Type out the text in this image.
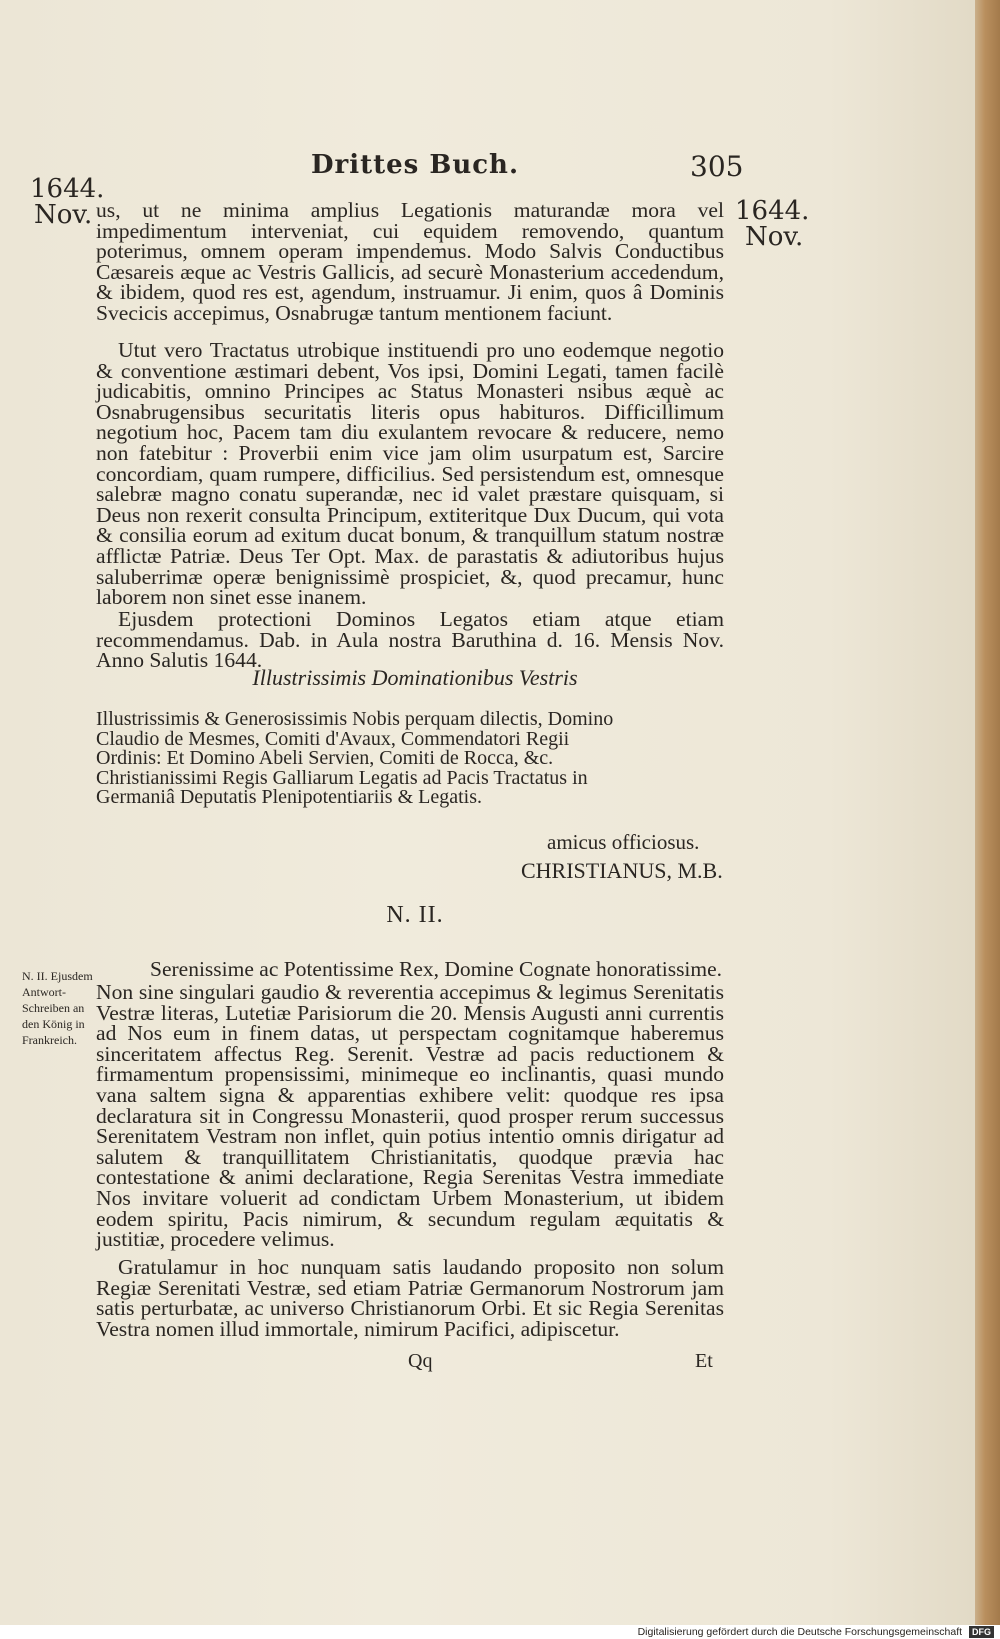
Drittes Buch.	305
1644.
Nov.	1644.
Nov.
us, ut ne minima amplius Legationis maturandæ mora vel impedimentum interveniat, cui equidem removendo, quantum poterimus, omnem operam impendemus. Modo Salvis Conductibus Cæsareis æque ac Vestris Gallicis, ad securè Monasterium accedendum, & ibidem, quod res est, agendum, instruamur. Ji enim, quos â Dominis Svecicis accepimus, Osnabrugæ tantum mentionem faciunt.
Utut vero Tractatus utrobique instituendi pro uno eodemque negotio & conventione æstimari debent, Vos ipsi, Domini Legati, tamen facilè judicabitis, omnino Principes ac Status Monasteri nsibus æquè ac Osnabrugensibus securitatis literis opus habituros. Difficillimum negotium hoc, Pacem tam diu exulantem revocare & reducere, nemo non fatebitur : Proverbii enim vice jam olim usurpatum est, Sarcire concordiam, quam rumpere, difficilius. Sed persistendum est, omnesque salebræ magno conatu superandæ, nec id valet præstare quisquam, si Deus non rexerit consulta Principum, extiteritque Dux Ducum, qui vota & consilia eorum ad exitum ducat bonum, & tranquillum statum nostræ afflictæ Patriæ. Deus Ter Opt. Max. de parastatis & adiutoribus hujus saluberrimæ operæ benignissimè prospiciet, &, quod precamur, hunc laborem non sinet esse inanem.
Ejusdem protectioni Dominos Legatos etiam atque etiam recommendamus. Dab. in Aula nostra Baruthina d. 16. Mensis Nov. Anno Salutis 1644.
Illustrissimis Dominationibus Vestris
Illustrissimis & Generosissimis Nobis perquam dilectis, Domino Claudio de Mesmes, Comiti d'Avaux, Commendatori Regii Ordinis: Et Domino Abeli Servien, Comiti de Rocca, &c. Christianissimi Regis Galliarum Legatis ad Pacis Tractatus in Germaniâ Deputatis Plenipotentiariis & Legatis.
amicus officiosus.
CHRISTIANUS, M.B.
N. II.
N. II. Ejusdem Antwort-Schreiben an den König in Frankreich.
Serenissime ac Potentissime Rex, Domine Cognate honoratissime.
Non sine singulari gaudio & reverentia accepimus & legimus Serenitatis Vestræ literas, Lutetiæ Parisiorum die 20. Mensis Augusti anni currentis ad Nos eum in finem datas, ut perspectam cognitamque haberemus sinceritatem affectus Reg. Serenit. Vestræ ad pacis reductionem & firmamentum propensissimi, minimeque eo inclinantis, quasi mundo vana saltem signa & apparentias exhibere velit: quodque res ipsa declaratura sit in Congressu Monasterii, quod prosper rerum successus Serenitatem Vestram non inflet, quin potius intentio omnis dirigatur ad salutem & tranquillitatem Christianitatis, quodque prævia hac contestatione & animi declaratione, Regia Serenitas Vestra immediate Nos invitare voluerit ad condictam Urbem Monasterium, ut ibidem eodem spiritu, Pacis nimirum, & secundum regulam æquitatis & justitiæ, procedere velimus.
Gratulamur in hoc nunquam satis laudando proposito non solum Regiæ Serenitati Vestræ, sed etiam Patriæ Germanorum Nostrorum jam satis perturbatæ, ac universo Christianorum Orbi. Et sic Regia Serenitas Vestra nomen illud immortale, nimirum Pacifici, adipiscetur.
Qq	Et
Digitalisierung gefördert durch die Deutsche Forschungsgemeinschaft DFG
